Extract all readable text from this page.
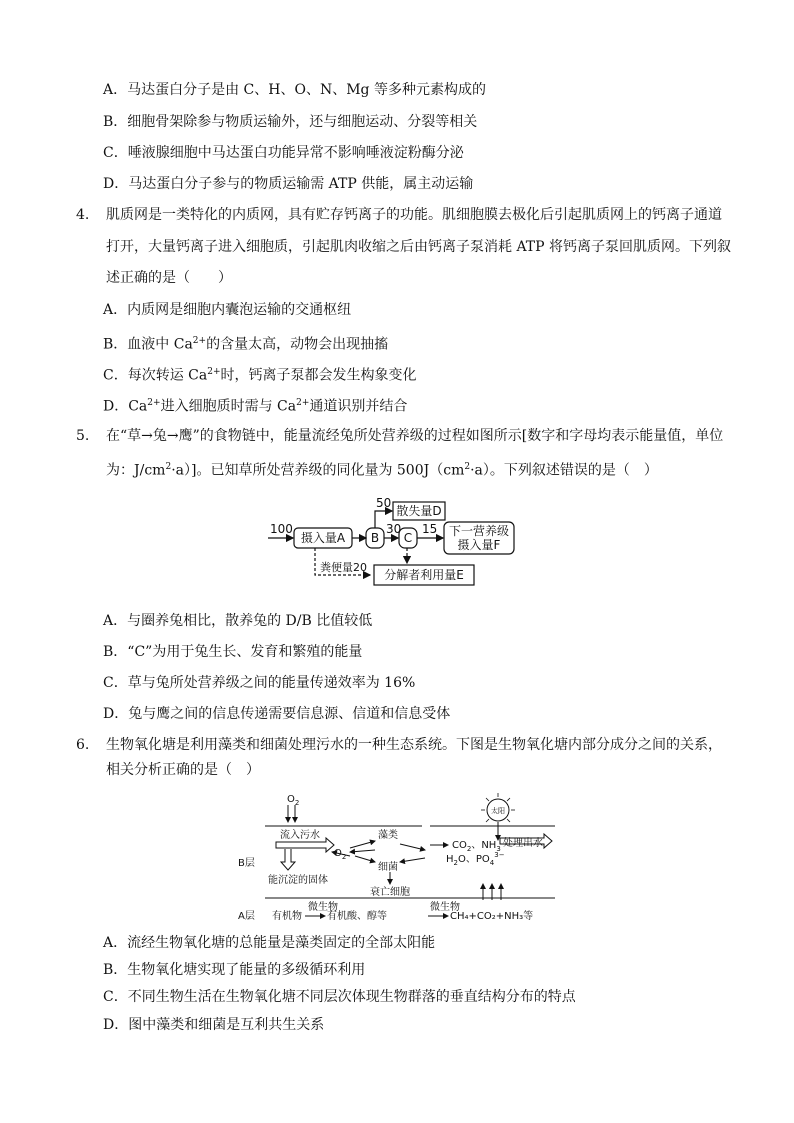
A．马达蛋白分子是由 C、H、O、N、Mg 等多种元素构成的
B．细胞骨架除参与物质运输外，还与细胞运动、分裂等相关
C．唾液腺细胞中马达蛋白功能异常不影响唾液淀粉酶分泌
D．马达蛋白分子参与的物质运输需 ATP 供能，属主动运输
4. 肌质网是一类特化的内质网，具有贮存钙离子的功能。肌细胞膜去极化后引起肌质网上的钙离子通道
打开，大量钙离子进入细胞质，引起肌肉收缩之后由钙离子泵消耗 ATP 将钙离子泵回肌质网。下列叙
述正确的是（　　）
A．内质网是细胞内囊泡运输的交通枢纽
B．血液中 $Ca^{2+}$的含量太高，动物会出现抽搐
C．每次转运 $Ca^{2+}$时，钙离子泵都会发生构象变化
D．$Ca^{2+}$进入细胞质时需与 $Ca^{2+}$通道识别并结合
5. 在“草→兔→鹰”的食物链中，能量流经兔所处营养级的过程如图所示[数字和字母均表示能量值，单位
为：$J/cm^2\cdot a$）]。已知草所处营养级的同化量为 $500J(cm^2\cdot a)$。下列叙述错误的是（　）
100
摄入量A B
50
散失量D
30
C
15 下一营养级
摄入量F
粪便量20
分解者利用量E
A．与圈养兔相比，散养兔的 D/B 比值较低
B．“C”为用于兔生长、发育和繁殖的能量
C．草与兔所处营养级之间的能量传递效率为 16%
D．兔与鹰之间的信息传递需要信息源、信道和信息受体
6. 生物氧化塘是利用藻类和细菌处理污水的一种生态系统。下图是生物氧化塘内部分成分之间的关系，
相关分析正确的是（　）
$O_2$
太阳
流入污水	藻类
$O_2$
细菌
$CO_2$、$NH_3$
$H_2O$、$PO_4^{3-}$
处理出水
B层
能沉淀的固体
衰亡细胞
A层 有机物
微生物
有机酸、醇等
微生物
CH₄+CO₂+NH₃等
A．流经生物氧化塘的总能量是藻类固定的全部太阳能
B．生物氧化塘实现了能量的多级循环利用
C．不同生物生活在生物氧化塘不同层次体现生物群落的垂直结构分布的特点
D．图中藻类和细菌是互利共生关系
